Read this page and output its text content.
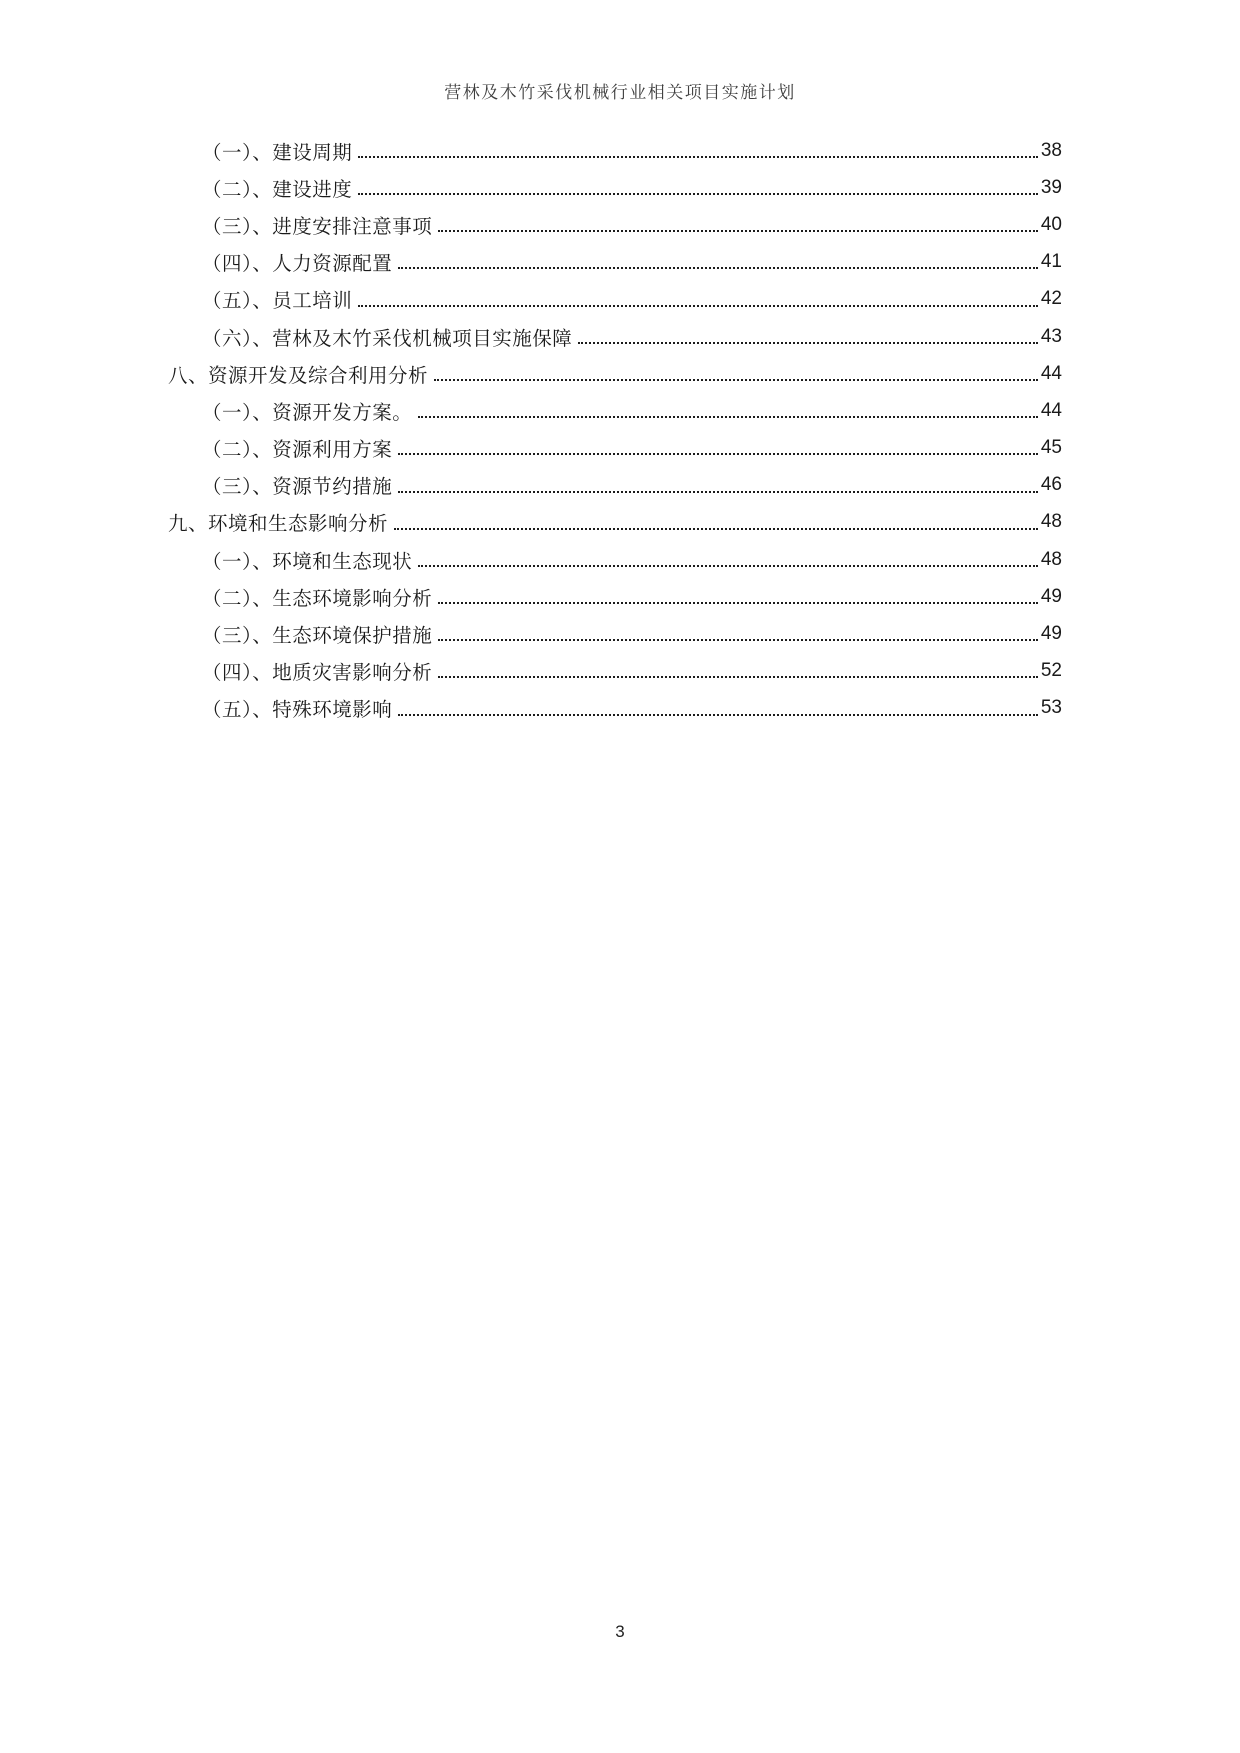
营林及木竹采伐机械行业相关项目实施计划
（一）、建设周期	38
（二）、建设进度	39
（三）、进度安排注意事项	40
（四）、人力资源配置	41
（五）、员工培训	42
（六）、营林及木竹采伐机械项目实施保障	43
八、资源开发及综合利用分析	44
（一）、资源开发方案。	44
（二）、资源利用方案	45
（三）、资源节约措施	46
九、环境和生态影响分析	48
（一）、环境和生态现状	48
（二）、生态环境影响分析	49
（三）、生态环境保护措施	49
（四）、地质灾害影响分析	52
（五）、特殊环境影响	53
3
